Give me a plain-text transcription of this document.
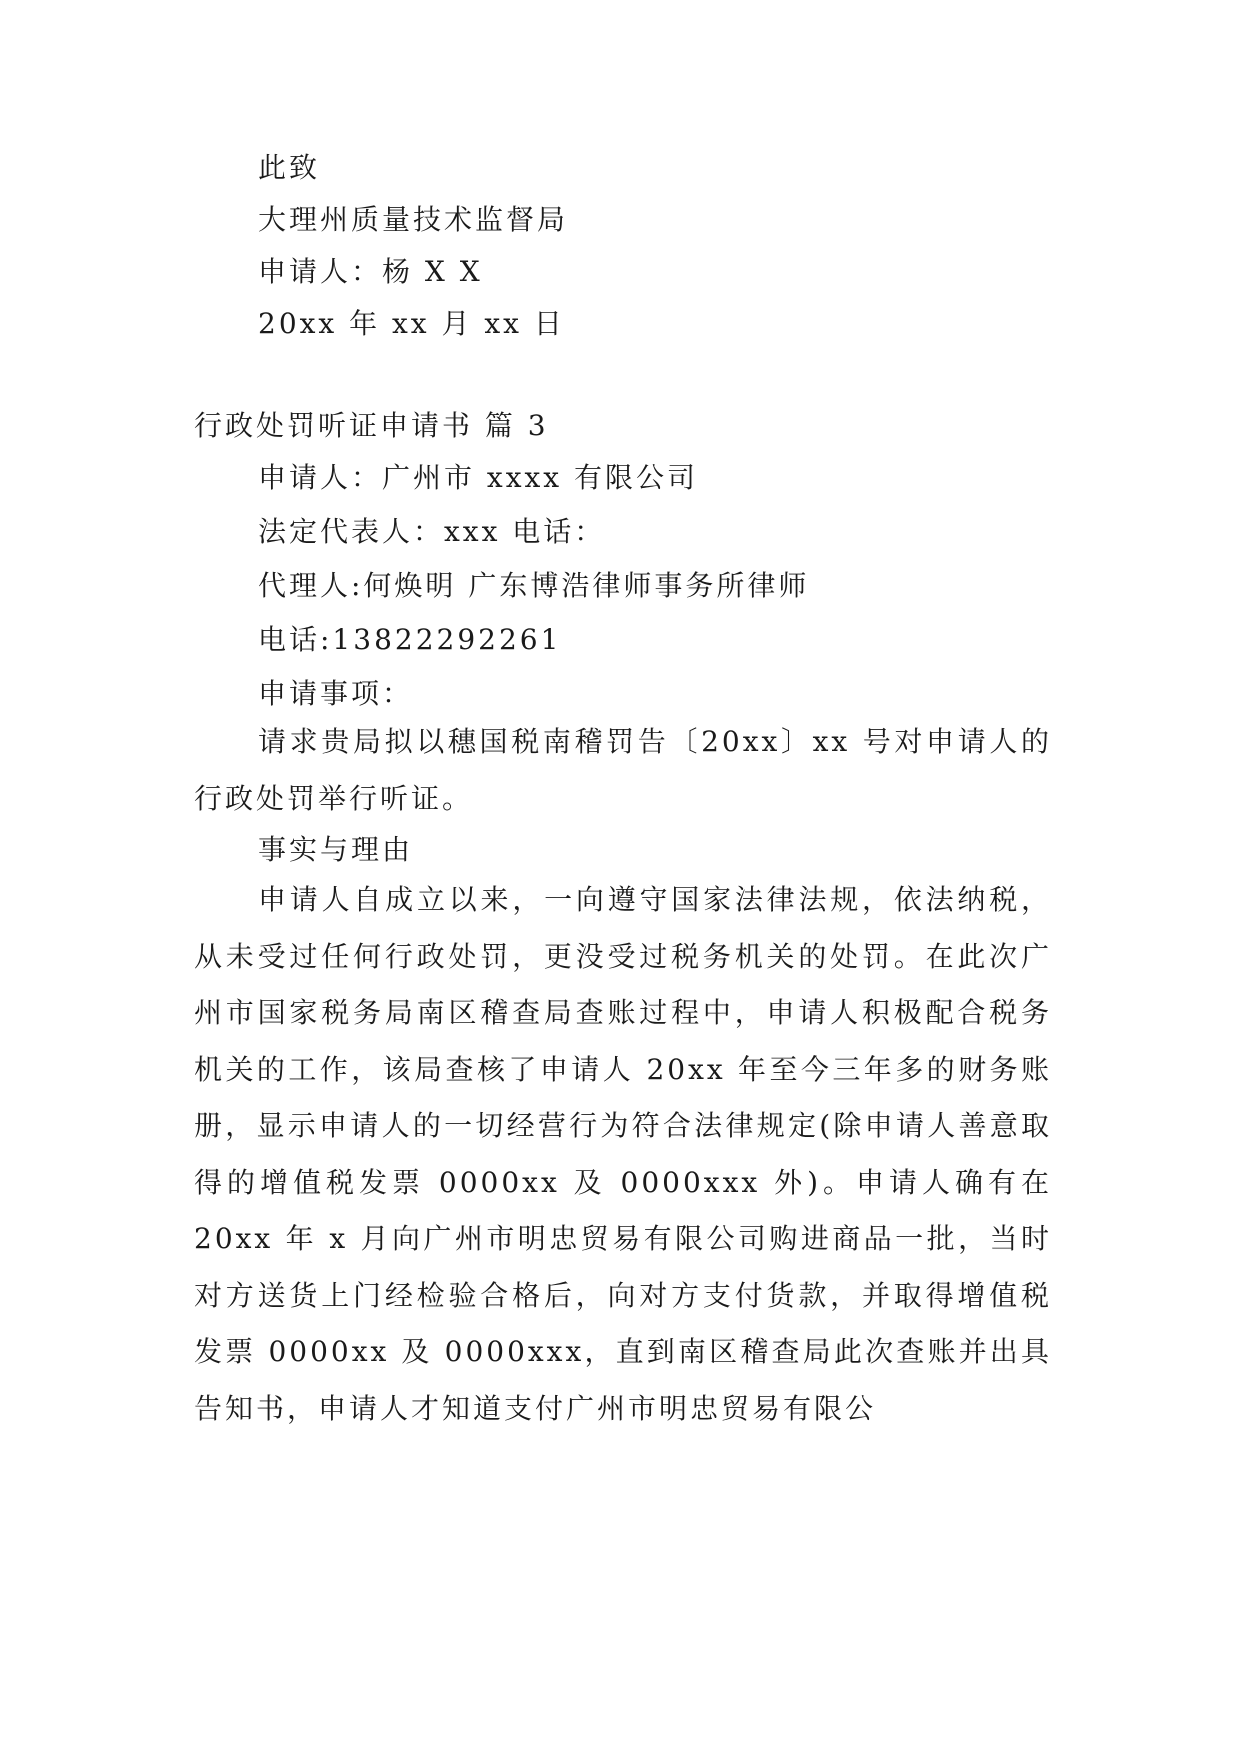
此致
大理州质量技术监督局
申请人：杨 X X
20xx 年 xx 月 xx 日
行政处罚听证申请书 篇 3
申请人：广州市 xxxx 有限公司
法定代表人：xxx 电话：
代理人:何焕明 广东博浩律师事务所律师
电话:13822292261
申请事项：

请求贵局拟以穗国税南稽罚告〔20xx〕xx 号对申请人的行政处罚举行听证。

事实与理由

申请人自成立以来，一向遵守国家法律法规，依法纳税，从未受过任何行政处罚，更没受过税务机关的处罚。在此次广州市国家税务局南区稽查局查账过程中，申请人积极配合税务机关的工作，该局查核了申请人 20xx 年至今三年多的财务账册，显示申请人的一切经营行为符合法律规定(除申请人善意取得的增值税发票 0000xx 及 0000xxx 外)。申请人确有在 20xx 年 x 月向广州市明忠贸易有限公司购进商品一批，当时对方送货上门经检验合格后，向对方支付货款，并取得增值税发票 0000xx 及 0000xxx，直到南区稽查局此次查账并出具告知书，申请人才知道支付广州市明忠贸易有限公
